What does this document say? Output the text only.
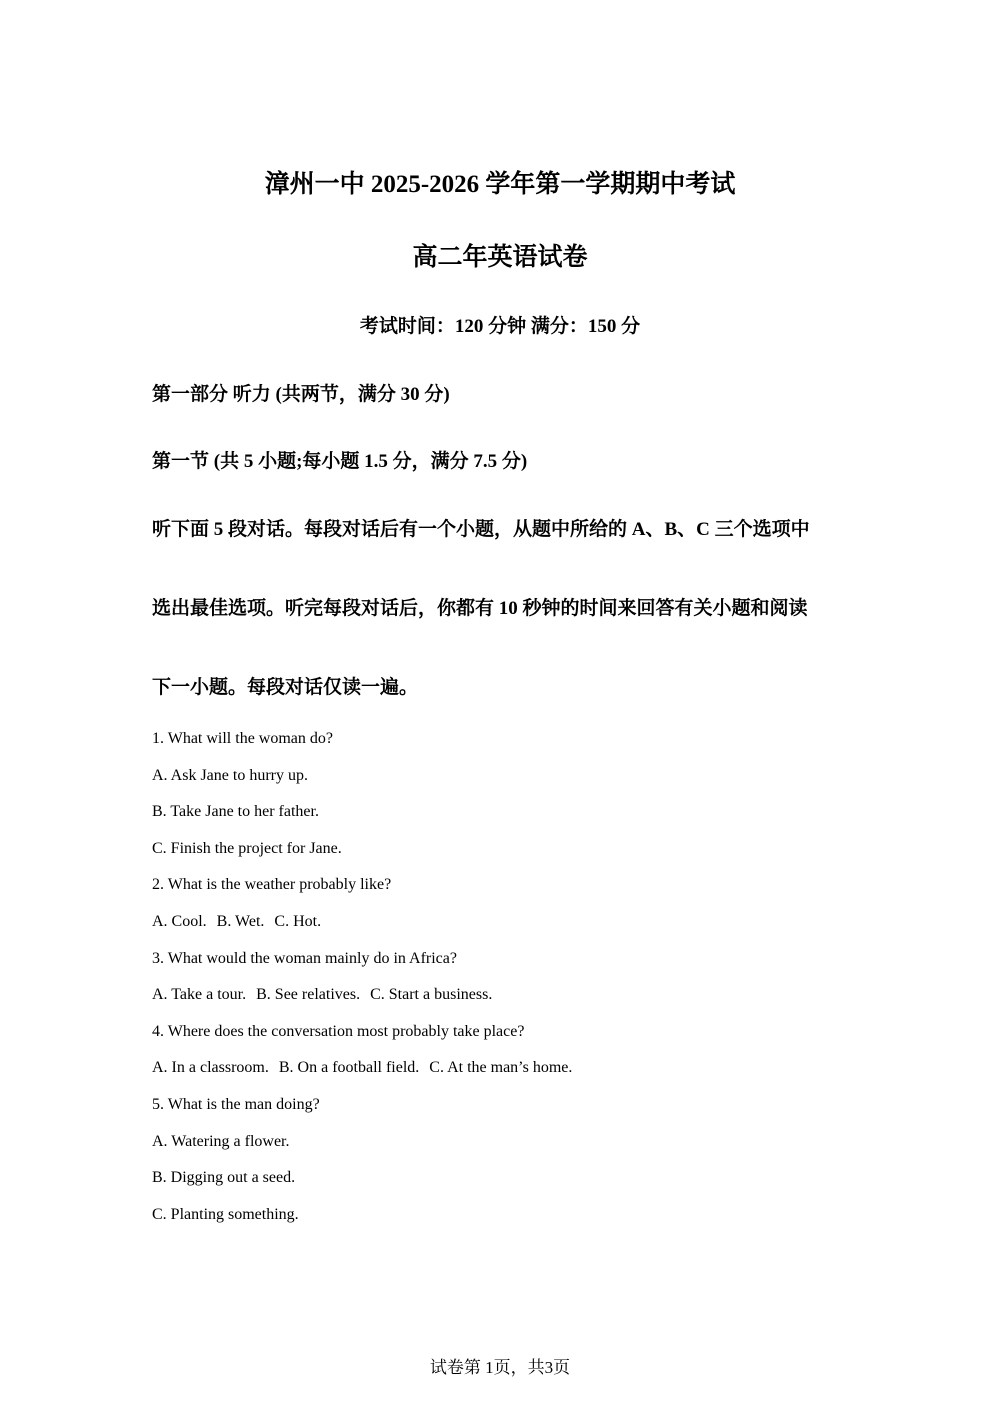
漳州一中 2025-2026 学年第一学期期中考试
高二年英语试卷
考试时间：120 分钟 满分：150 分
第一部分 听力 (共两节，满分 30 分)
第一节 (共 5 小题;每小题 1.5 分，满分 7.5 分)
听下面 5 段对话。每段对话后有一个小题，从题中所给的 A、B、C 三个选项中
选出最佳选项。听完每段对话后，你都有 10 秒钟的时间来回答有关小题和阅读
下一小题。每段对话仅读一遍。
1. What will the woman do?
A. Ask Jane to hurry up.
B. Take Jane to her father.
C. Finish the project for Jane.
2. What is the weather probably like?
A. Cool. B. Wet. C. Hot.
3. What would the woman mainly do in Africa?
A. Take a tour. B. See relatives. C. Start a business.
4. Where does the conversation most probably take place?
A. In a classroom. B. On a football field. C. At the man’s home.
5. What is the man doing?
A. Watering a flower.
B. Digging out a seed.
C. Planting something.
试卷第 1页，共3页
